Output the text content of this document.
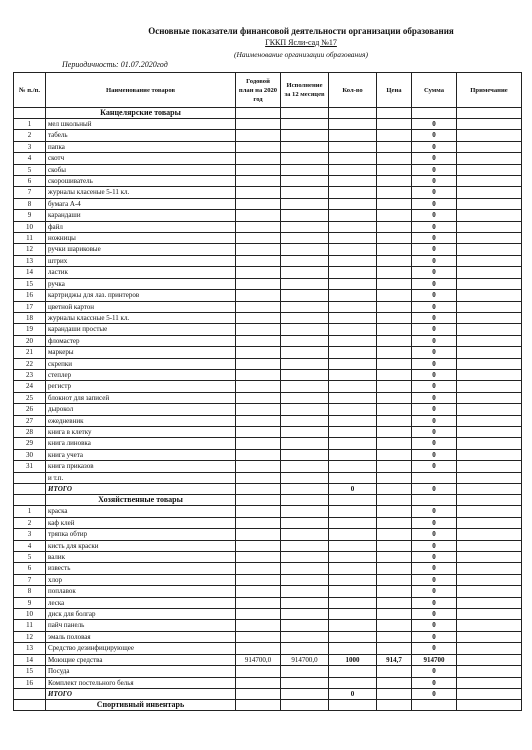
Основные показатели финансовой деятельности организации образования
ГККП Ясли-сад №17
(Наименование организации образования)
Периодичность: 01.07.2020год
№ п./п.	Наименование товаров	Годовой план на 2020 год	Исполнение за 12 месяцев	Кол-во	Цена	Сумма	Примечание
	Канцелярские товары						
1	мел школьный					0	
2	табель					0	
3	папка					0	
4	скотч					0	
5	скобы					0	
6	скорошиватель					0	
7	журналы класеные 5-11 кл.					0	
8	бумага А-4					0	
9	карандаши					0	
10	файл					0	
11	ножницы					0	
12	ручки шариковые					0	
13	штрих					0	
14	ластик					0	
15	ручка					0	
16	картриджы для лаз. принтеров					0	
17	цветной картон					0	
18	журналы классные 5-11 кл.					0	
19	карандаши простые					0	
20	фломастер					0	
21	маркеры					0	
22	скрепки					0	
23	степлер					0	
24	регистр					0	
25	блокнот для записей					0	
26	дырокол					0	
27	ежедневник					0	
28	книга в клетку					0	
29	книга линовка					0	
30	книга учета					0	
31	книга приказов					0	
	и т.п.						
	ИТОГО			0		0	
	Хозяйственные товары						
1	краска					0	
2	каф клей					0	
3	тряпка обтир					0	
4	кисть для краски					0	
5	валик					0	
6	известь					0	
7	хлор					0	
8	поплавок					0	
9	леска					0	
10	диск для болгар					0	
11	пайч панель					0	
12	эмаль половая					0	
13	Средство дезинфицирующее					0	
14	Моющие средства	914700,0	914700,0	1000	914,7	914700	
15	Посуда					0	
16	Комплект постельного белья					0	
	ИТОГО			0		0	
	Спортивный инвентарь						
